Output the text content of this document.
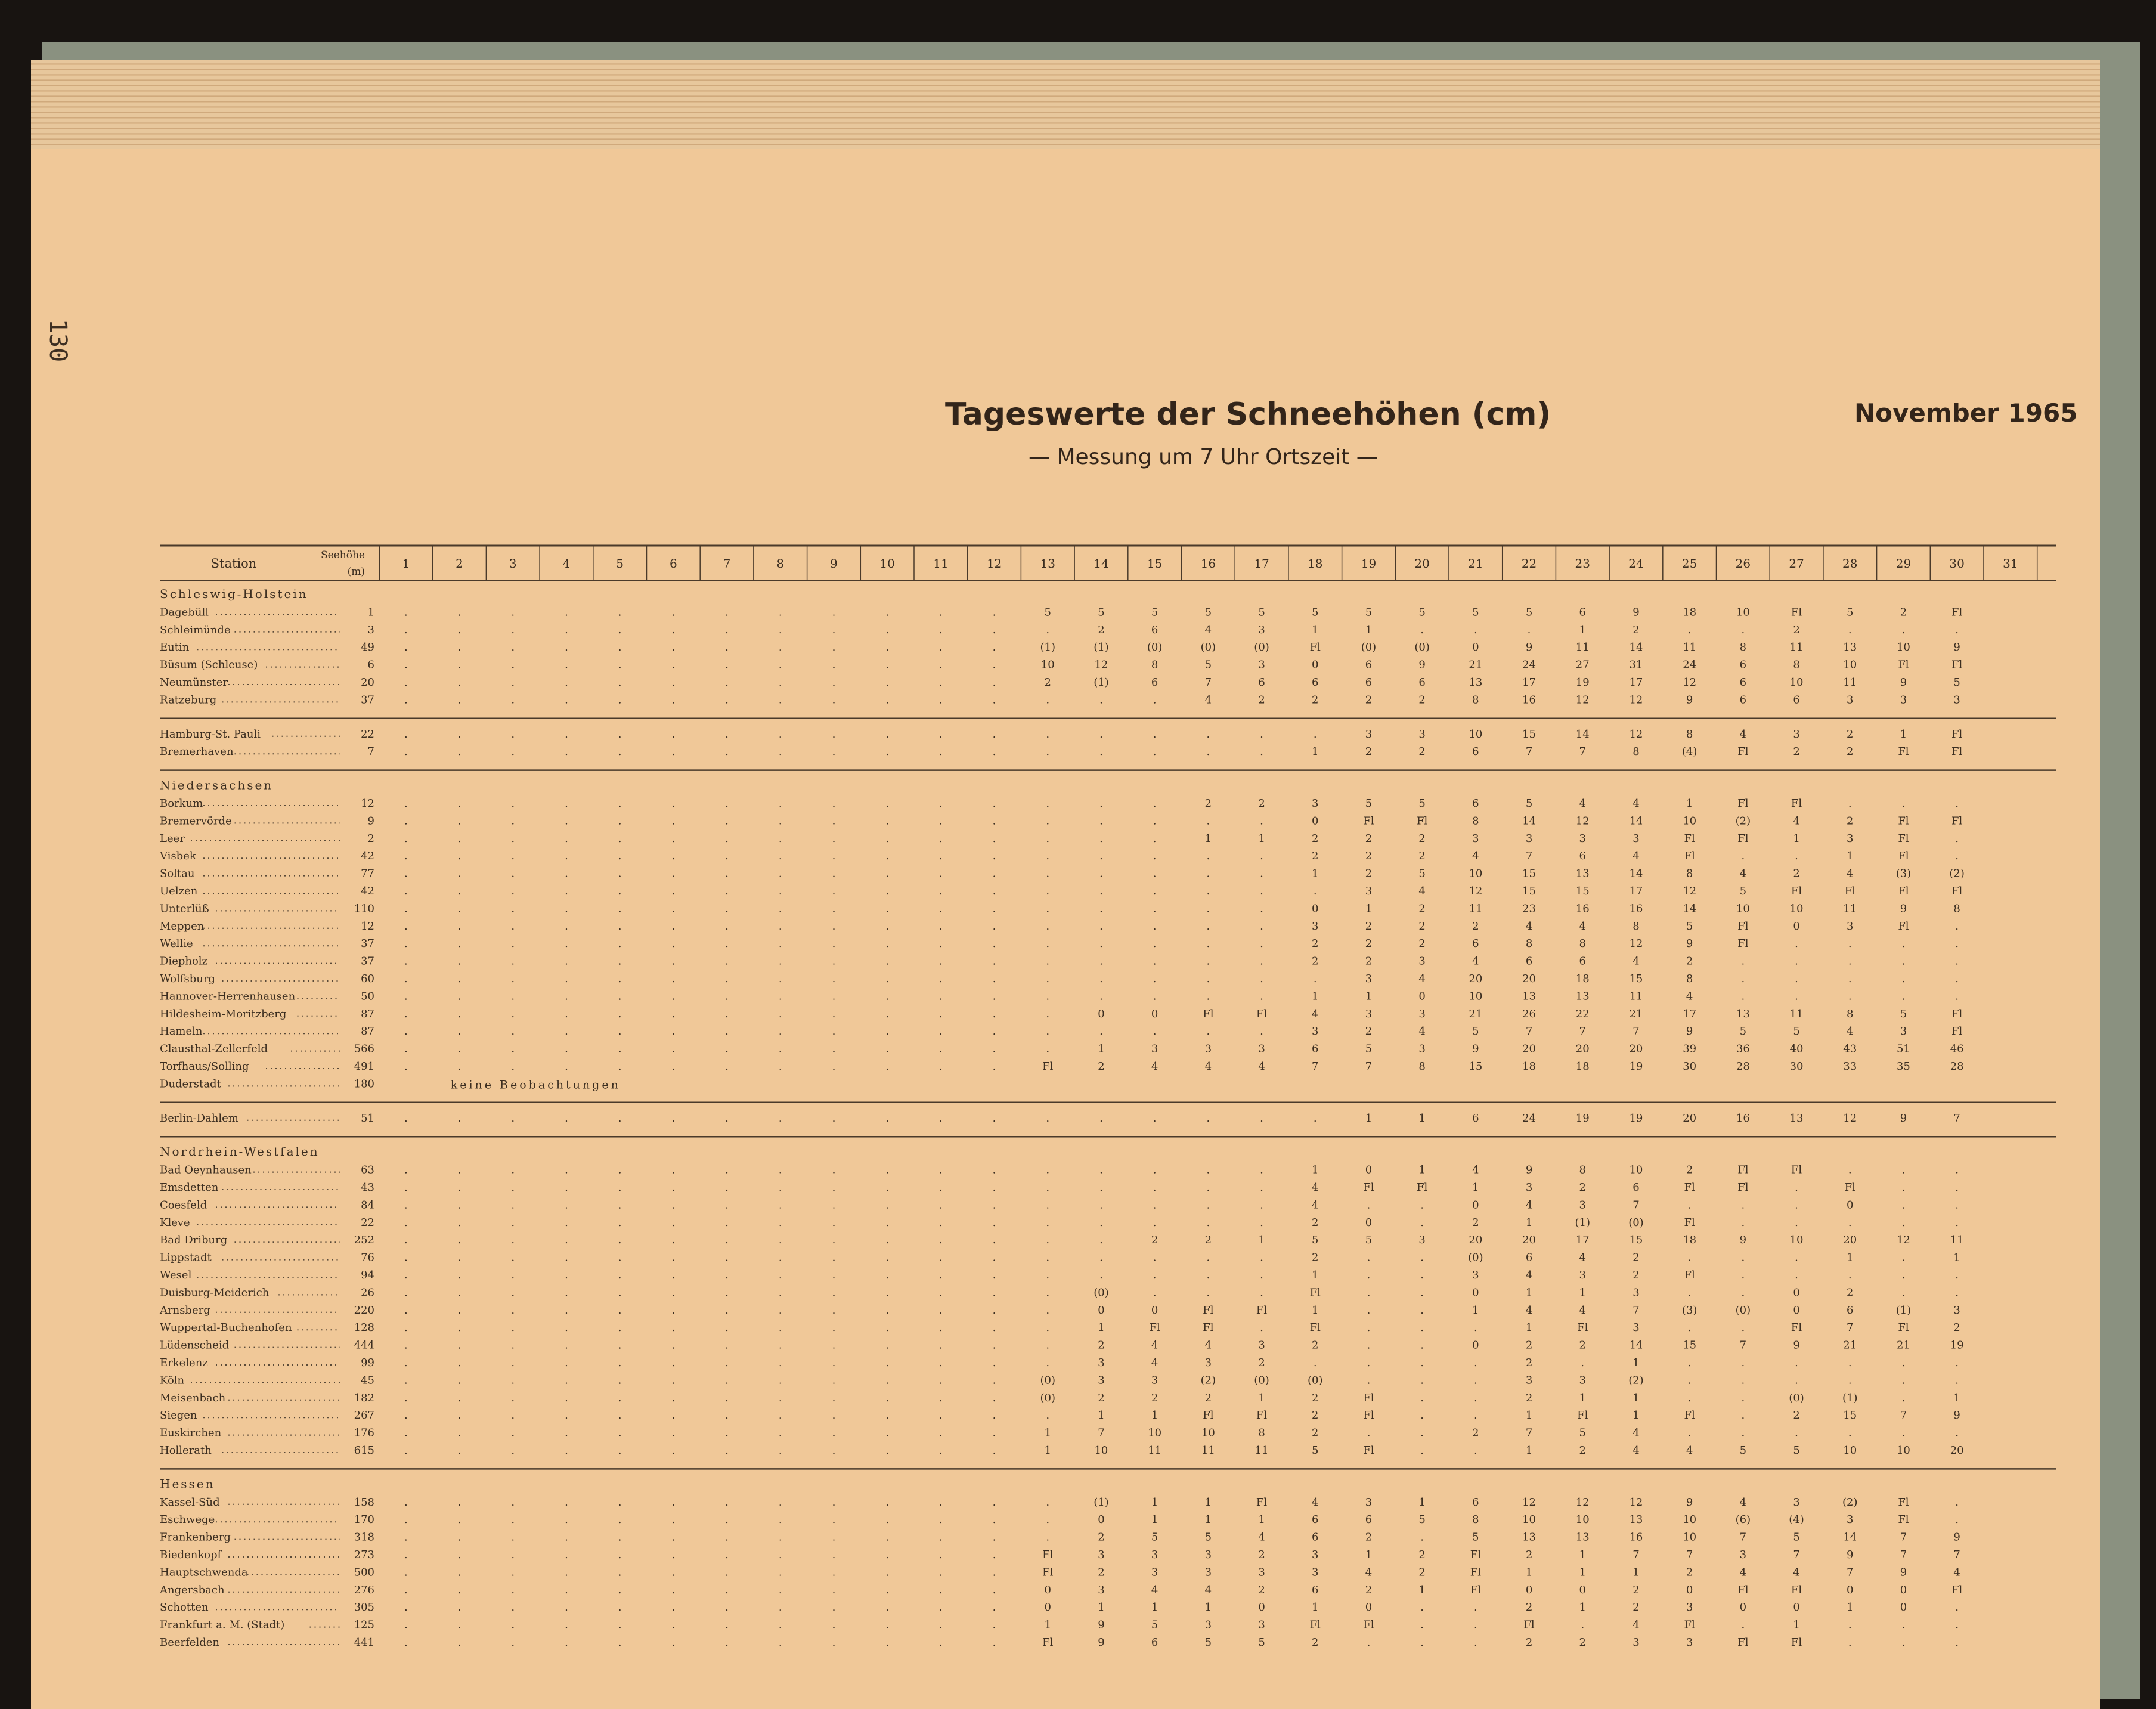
130
Tageswerte der Schneehöhen (cm)
— Messung um 7 Uhr Ortszeit —
November 1965
Station
Seehöhe
(m)
1	2	3	4	5	6	7	8	9	10	11	12	13	14	15	16	17	18	19	20	21	22	23	24	25	26	27	28	29	30	31
Schleswig-Holstein
Dagebüll	1	.	.	.	.	.	.	.	.	.	.	.	.	5	5	5	5	5	5	5	5	5	5	6	9	18	10	Fl	5	2	Fl
Schleimünde	3	.	.	.	.	.	.	.	.	.	.	.	.	.	2	6	4	3	1	1	.	.	.	1	2	.	.	2	.	.	.
Eutin	49	.	.	.	.	.	.	.	.	.	.	.	.	(1)	(1)	(0)	(0)	(0)	Fl	(0)	(0)	0	9	11	14	11	8	11	13	10	9
Büsum (Schleuse)	6	.	.	.	.	.	.	.	.	.	.	.	.	10	12	8	5	3	0	6	9	21	24	27	31	24	6	8	10	Fl	Fl
Neumünster	20	.	.	.	.	.	.	.	.	.	.	.	.	2	(1)	6	7	6	6	6	6	13	17	19	17	12	6	10	11	9	5
Ratzeburg	37	.	.	.	.	.	.	.	.	.	.	.	.	.	.	.	4	2	2	2	2	8	16	12	12	9	6	6	3	3	3
Hamburg-St. Pauli	22	.	.	.	.	.	.	.	.	.	.	.	.	.	.	.	.	.	.	3	3	10	15	14	12	8	4	3	2	1	Fl
Bremerhaven	7	.	.	.	.	.	.	.	.	.	.	.	.	.	.	.	.	.	1	2	2	6	7	7	8	(4)	Fl	2	2	Fl	Fl
Niedersachsen
Borkum	12	.	.	.	.	.	.	.	.	.	.	.	.	.	.	.	2	2	3	5	5	6	5	4	4	1	Fl	Fl	.	.	.
Bremervörde	9	.	.	.	.	.	.	.	.	.	.	.	.	.	.	.	.	.	0	Fl	Fl	8	14	12	14	10	(2)	4	2	Fl	Fl
Leer	2	.	.	.	.	.	.	.	.	.	.	.	.	.	.	.	1	1	2	2	2	3	3	3	3	Fl	Fl	1	3	Fl	.
Visbek	42	.	.	.	.	.	.	.	.	.	.	.	.	.	.	.	.	.	2	2	2	4	7	6	4	Fl	.	.	1	Fl	.
Soltau	77	.	.	.	.	.	.	.	.	.	.	.	.	.	.	.	.	.	1	2	5	10	15	13	14	8	4	2	4	(3)	(2)
Uelzen	42	.	.	.	.	.	.	.	.	.	.	.	.	.	.	.	.	.	.	3	4	12	15	15	17	12	5	Fl	Fl	Fl	Fl
Unterlüß	110	.	.	.	.	.	.	.	.	.	.	.	.	.	.	.	.	.	0	1	2	11	23	16	16	14	10	10	11	9	8
Meppen	12	.	.	.	.	.	.	.	.	.	.	.	.	.	.	.	.	.	3	2	2	2	4	4	8	5	Fl	0	3	Fl	.
Wellie	37	.	.	.	.	.	.	.	.	.	.	.	.	.	.	.	.	.	2	2	2	6	8	8	12	9	Fl	.	.	.	.
Diepholz	37	.	.	.	.	.	.	.	.	.	.	.	.	.	.	.	.	.	2	2	3	4	6	6	4	2	.	.	.	.	.
Wolfsburg	60	.	.	.	.	.	.	.	.	.	.	.	.	.	.	.	.	.	.	3	4	20	20	18	15	8	.	.	.	.	.
Hannover-Herrenhausen	50	.	.	.	.	.	.	.	.	.	.	.	.	.	.	.	.	.	1	1	0	10	13	13	11	4	.	.	.	.	.
Hildesheim-Moritzberg	87	.	.	.	.	.	.	.	.	.	.	.	.	.	0	0	Fl	Fl	4	3	3	21	26	22	21	17	13	11	8	5	Fl
Hameln	87	.	.	.	.	.	.	.	.	.	.	.	.	.	.	.	.	.	3	2	4	5	7	7	7	9	5	5	4	3	Fl
Clausthal-Zellerfeld	566	.	.	.	.	.	.	.	.	.	.	.	.	.	1	3	3	3	6	5	3	9	20	20	20	39	36	40	43	51	46
Torfhaus/Solling	491	.	.	.	.	.	.	.	.	.	.	.	.	Fl	2	4	4	4	7	7	8	15	18	18	19	30	28	30	33	35	28
Duderstadt	180	keine Beobachtungen
Berlin-Dahlem	51	.	.	.	.	.	.	.	.	.	.	.	.	.	.	.	.	.	.	1	1	6	24	19	19	20	16	13	12	9	7
Nordrhein-Westfalen
Bad Oeynhausen	63	.	.	.	.	.	.	.	.	.	.	.	.	.	.	.	.	.	1	0	1	4	9	8	10	2	Fl	Fl	.	.	.
Emsdetten	43	.	.	.	.	.	.	.	.	.	.	.	.	.	.	.	.	.	4	Fl	Fl	1	3	2	6	Fl	Fl	.	Fl	.	.
Coesfeld	84	.	.	.	.	.	.	.	.	.	.	.	.	.	.	.	.	.	4	.	.	0	4	3	7	.	.	.	0	.	.
Kleve	22	.	.	.	.	.	.	.	.	.	.	.	.	.	.	.	.	.	2	0	.	2	1	(1)	(0)	Fl	.	.	.	.	.
Bad Driburg	252	.	.	.	.	.	.	.	.	.	.	.	.	.	.	2	2	1	5	5	3	20	20	17	15	18	9	10	20	12	11
Lippstadt	76	.	.	.	.	.	.	.	.	.	.	.	.	.	.	.	.	.	2	.	.	(0)	6	4	2	.	.	.	1	.	1
Wesel	94	.	.	.	.	.	.	.	.	.	.	.	.	.	.	.	.	.	1	.	.	3	4	3	2	Fl	.	.	.	.	.
Duisburg-Meiderich	26	.	.	.	.	.	.	.	.	.	.	.	.	.	(0)	.	.	.	Fl	.	.	0	1	1	3	.	.	0	2	.	.
Arnsberg	220	.	.	.	.	.	.	.	.	.	.	.	.	.	0	0	Fl	Fl	1	.	.	1	4	4	7	(3)	(0)	0	6	(1)	3
Wuppertal-Buchenhofen	128	.	.	.	.	.	.	.	.	.	.	.	.	.	1	Fl	Fl	.	Fl	.	.	.	1	Fl	3	.	.	Fl	7	Fl	2
Lüdenscheid	444	.	.	.	.	.	.	.	.	.	.	.	.	.	2	4	4	3	2	.	.	0	2	2	14	15	7	9	21	21	19
Erkelenz	99	.	.	.	.	.	.	.	.	.	.	.	.	.	3	4	3	2	.	.	.	.	2	.	1	.	.	.	.	.	.
Köln	45	.	.	.	.	.	.	.	.	.	.	.	.	(0)	3	3	(2)	(0)	(0)	.	.	.	3	3	(2)	.	.	.	.	.	.
Meisenbach	182	.	.	.	.	.	.	.	.	.	.	.	.	(0)	2	2	2	1	2	Fl	.	.	2	1	1	.	.	(0)	(1)	.	1
Siegen	267	.	.	.	.	.	.	.	.	.	.	.	.	.	1	1	Fl	Fl	2	Fl	.	.	1	Fl	1	Fl	.	2	15	7	9
Euskirchen	176	.	.	.	.	.	.	.	.	.	.	.	.	1	7	10	10	8	2	.	.	2	7	5	4	.	.	.	.	.	.
Hollerath	615	.	.	.	.	.	.	.	.	.	.	.	.	1	10	11	11	11	5	Fl	.	.	1	2	4	4	5	5	10	10	20
Hessen
Kassel-Süd	158	.	.	.	.	.	.	.	.	.	.	.	.	.	(1)	1	1	Fl	4	3	1	6	12	12	12	9	4	3	(2)	Fl	.
Eschwege	170	.	.	.	.	.	.	.	.	.	.	.	.	.	0	1	1	1	6	6	5	8	10	10	13	10	(6)	(4)	3	Fl	.
Frankenberg	318	.	.	.	.	.	.	.	.	.	.	.	.	.	2	5	5	4	6	2	.	5	13	13	16	10	7	5	14	7	9
Biedenkopf	273	.	.	.	.	.	.	.	.	.	.	.	.	Fl	3	3	3	2	3	1	2	Fl	2	1	7	7	3	7	9	7	7
Hauptschwenda	500	.	.	.	.	.	.	.	.	.	.	.	.	Fl	2	3	3	3	3	4	2	Fl	1	1	1	2	4	4	7	9	4
Angersbach	276	.	.	.	.	.	.	.	.	.	.	.	.	0	3	4	4	2	6	2	1	Fl	0	0	2	0	Fl	Fl	0	0	Fl
Schotten	305	.	.	.	.	.	.	.	.	.	.	.	.	0	1	1	1	0	1	0	.	.	2	1	2	3	0	0	1	0	.
Frankfurt a. M. (Stadt)	125	.	.	.	.	.	.	.	.	.	.	.	.	1	9	5	3	3	Fl	Fl	.	.	Fl	.	4	Fl	.	1	.	.	.
Beerfelden	441	.	.	.	.	.	.	.	.	.	.	.	.	Fl	9	6	5	5	2	.	.	.	2	2	3	3	Fl	Fl	.	.	.
